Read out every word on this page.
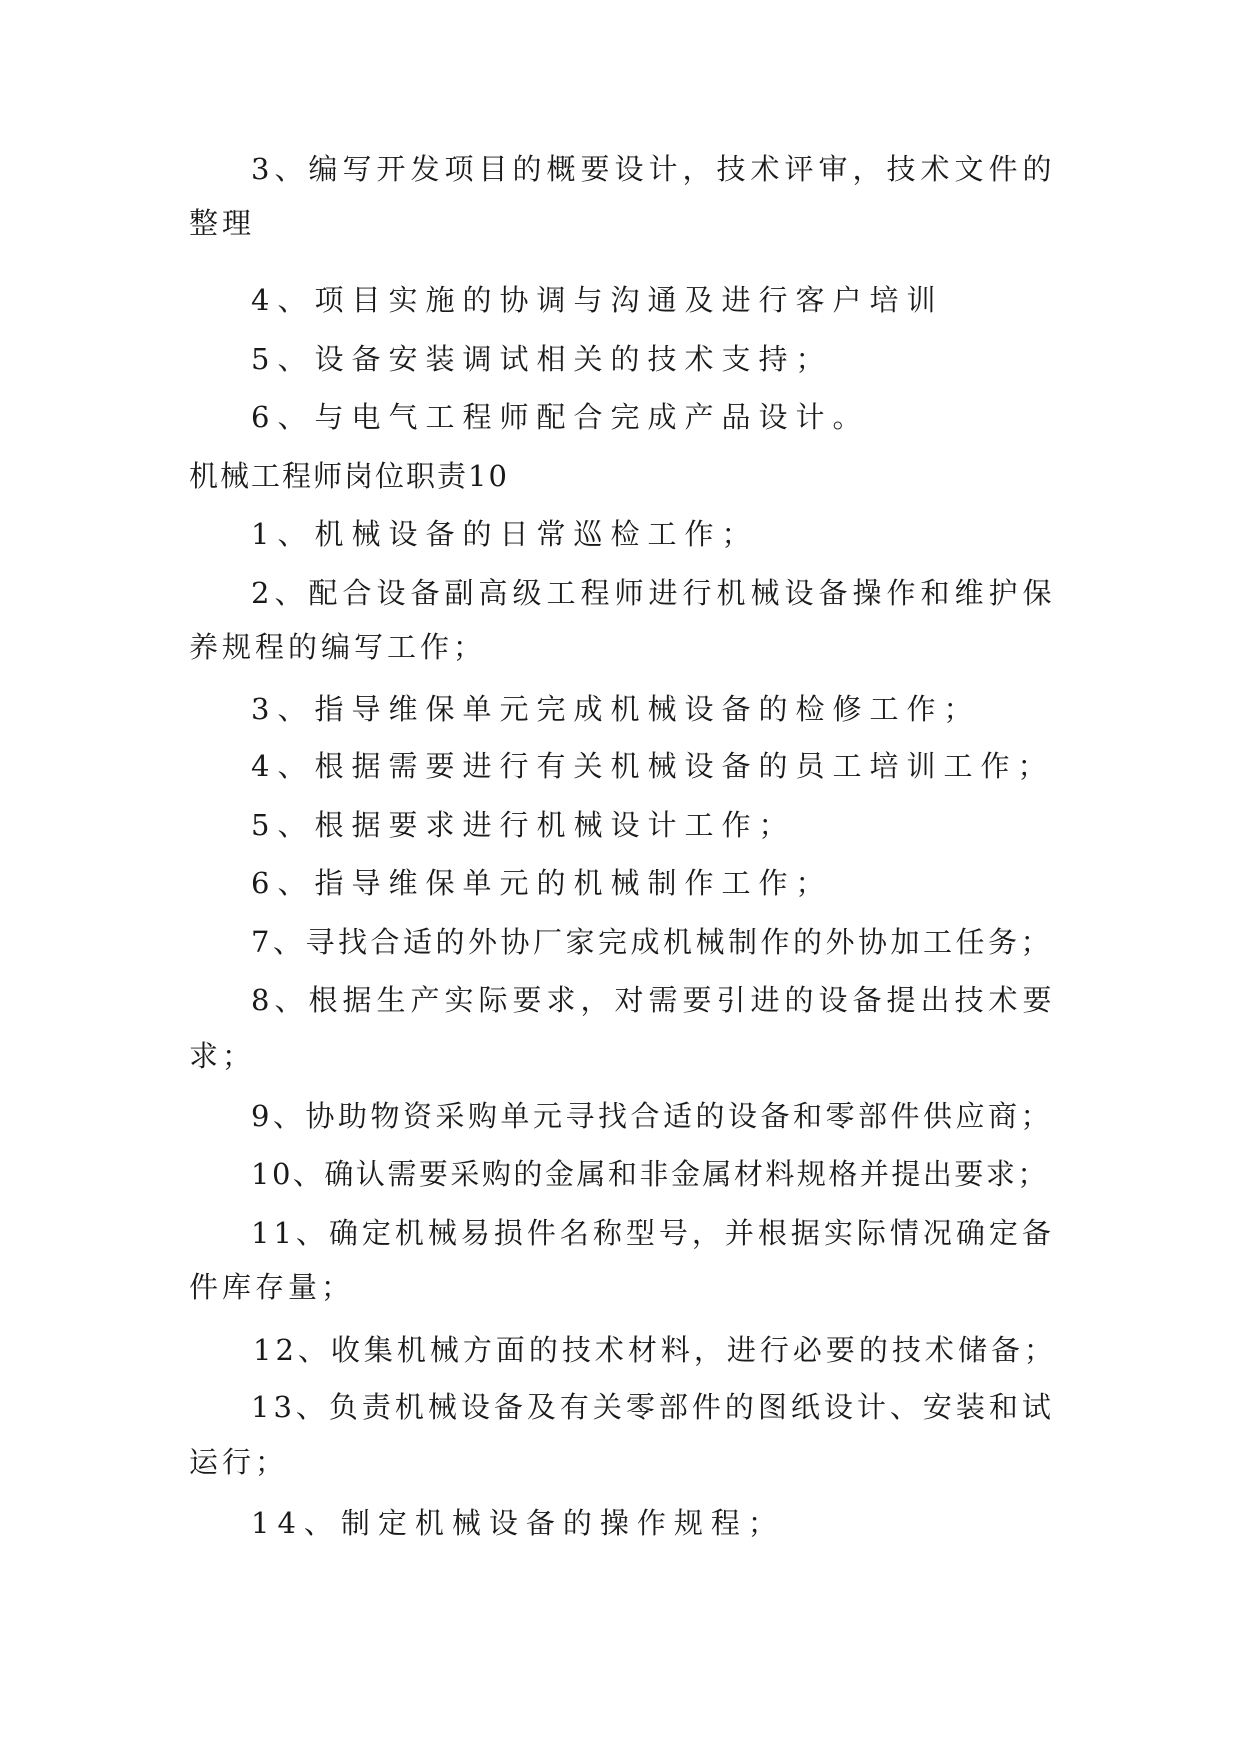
3、编写开发项目的概要设计，技术评审，技术文件的
整理
4、项目实施的协调与沟通及进行客户培训
5、设备安装调试相关的技术支持；
6、与电气工程师配合完成产品设计。
机械工程师岗位职责10
1、机械设备的日常巡检工作；
2、配合设备副高级工程师进行机械设备操作和维护保
养规程的编写工作；
3、指导维保单元完成机械设备的检修工作；
4、根据需要进行有关机械设备的员工培训工作；
5、根据要求进行机械设计工作；
6、指导维保单元的机械制作工作；
7、寻找合适的外协厂家完成机械制作的外协加工任务；
8、根据生产实际要求，对需要引进的设备提出技术要
求；
9、协助物资采购单元寻找合适的设备和零部件供应商；
10、确认需要采购的金属和非金属材料规格并提出要求；
11、确定机械易损件名称型号，并根据实际情况确定备
件库存量；
12、收集机械方面的技术材料，进行必要的技术储备；
13、负责机械设备及有关零部件的图纸设计、安装和试
运行；
14、制定机械设备的操作规程；
